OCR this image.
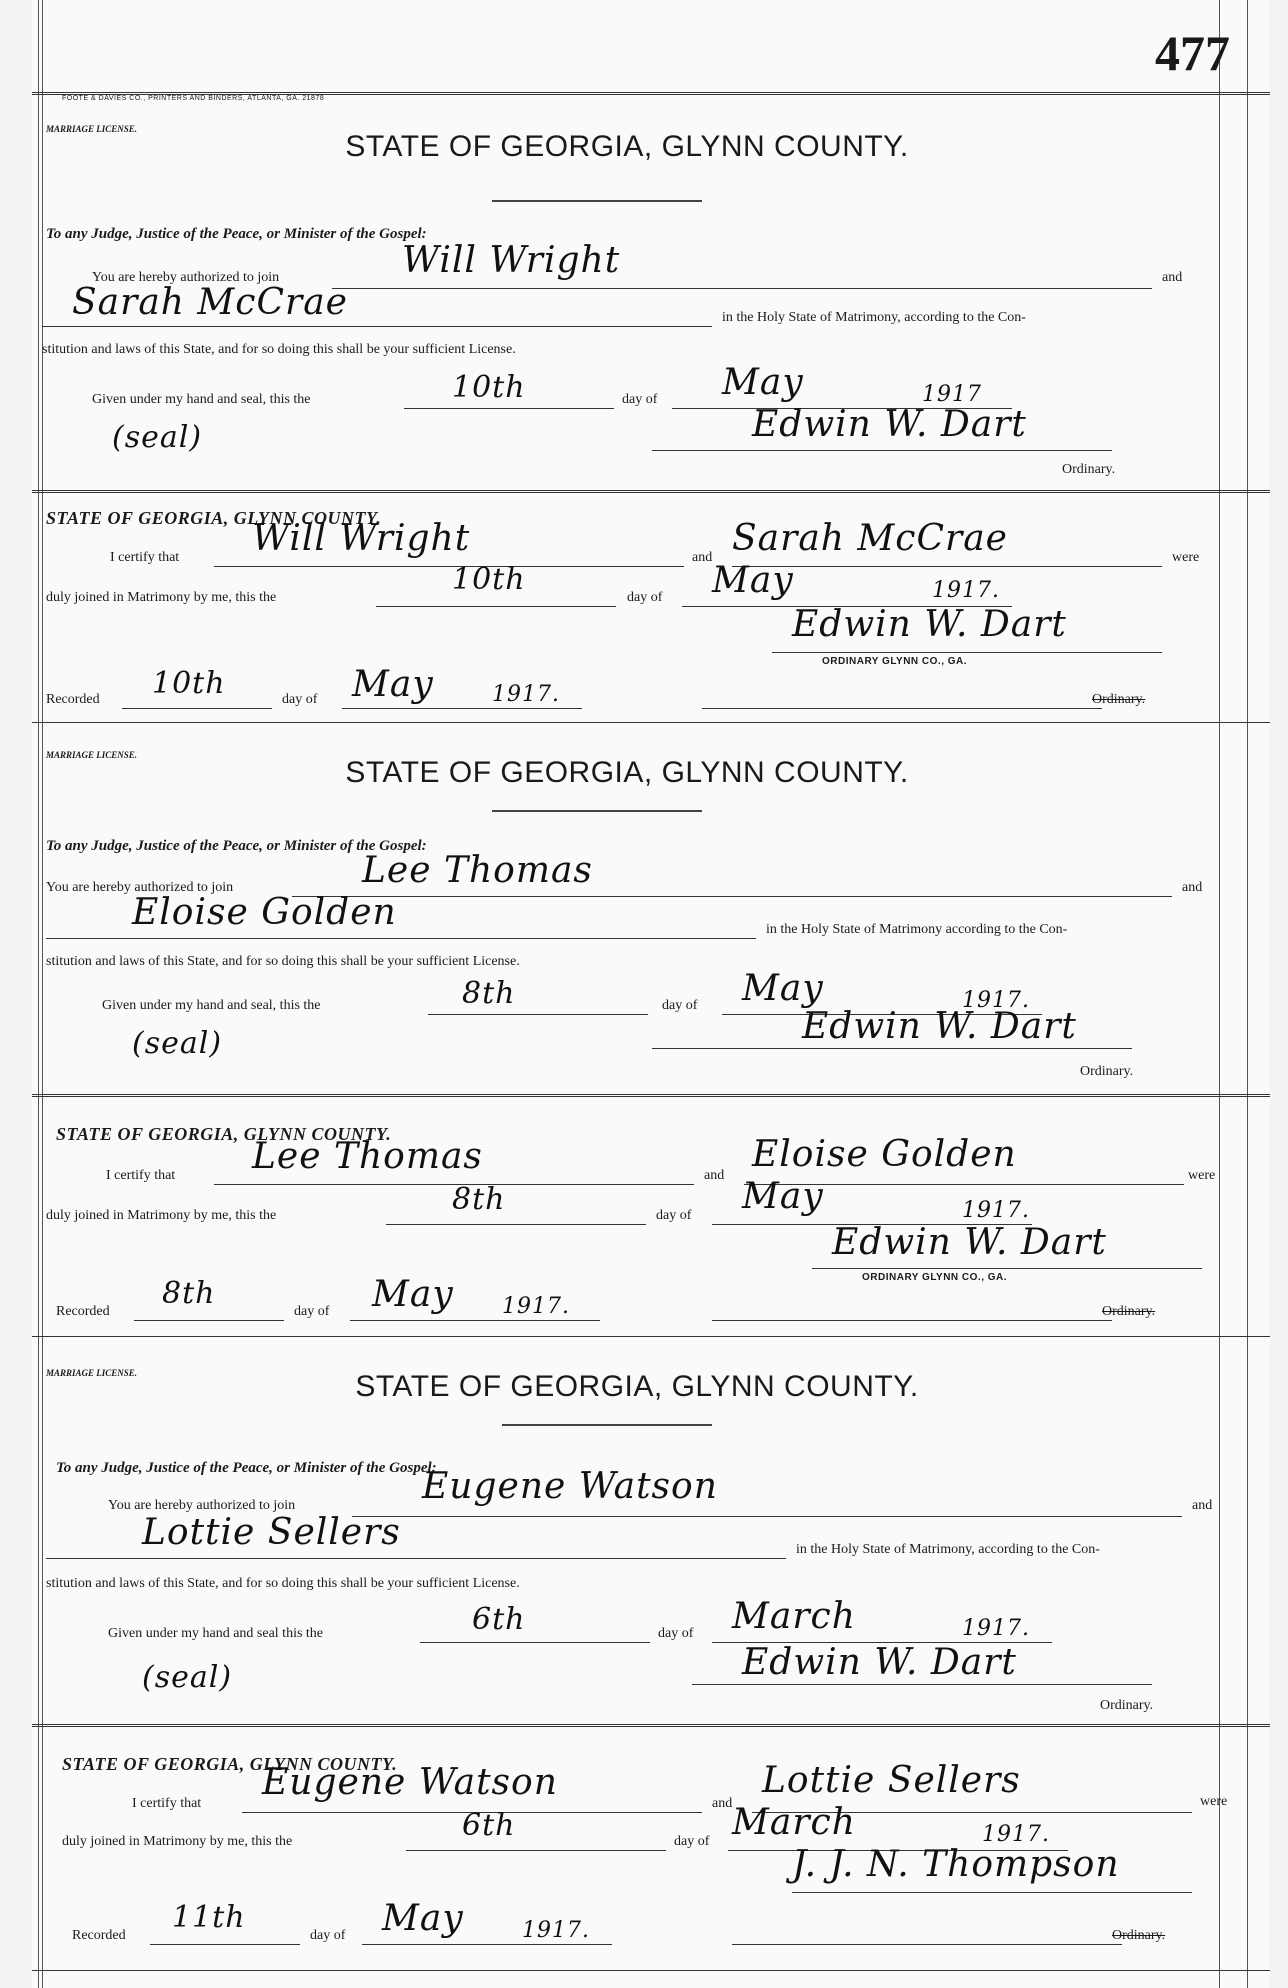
477
FOOTE & DAVIES CO., PRINTERS AND BINDERS, ATLANTA, GA. 21878
MARRIAGE LICENSE.
STATE OF GEORGIA, GLYNN COUNTY.
To any Judge, Justice of the Peace, or Minister of the Gospel:
You are hereby authorized to join	Will Wright	and
Sarah McCrae	in the Holy State of Matrimony, according to the Con-
stitution and laws of this State, and for so doing this shall be your sufficient License.
Given under my hand and seal, this the	10th	day of May	1917
(seal)	Edwin W. Dart
Ordinary.
STATE OF GEORGIA, GLYNN COUNTY.
I certify that Will Wright	and Sarah McCrae	were
duly joined in Matrimony by me, this the
10th
day of May	1917.
Edwin W. Dart
ORDINARY GLYNN CO., GA.
Recorded 10th	day of May	1917.	Ordinary.
MARRIAGE LICENSE.
STATE OF GEORGIA, GLYNN COUNTY.
To any Judge, Justice of the Peace, or Minister of the Gospel:
You are hereby authorized to join	Lee Thomas	and
Eloise Golden	in the Holy State of Matrimony according to the Con-
stitution and laws of this State, and for so doing this shall be your sufficient License.
Given under my hand and seal, this the	8th	day of May	1917.
(seal)	Edwin W. Dart
Ordinary.
STATE OF GEORGIA, GLYNN COUNTY.
I certify that Lee Thomas	and
Eloise Golden
were
duly joined in Matrimony by me, this the	8th	day of May	1917.
Edwin W. Dart
ORDINARY GLYNN CO., GA.
Recorded
8th
day of May 1917.	Ordinary.
MARRIAGE LICENSE.	STATE OF GEORGIA, GLYNN COUNTY.
To any Judge, Justice of the Peace, or Minister of the Gospel:
You are hereby authorized to join	Eugene Watson	and
Lottie Sellers	in the Holy State of Matrimony, according to the Con-
stitution and laws of this State, and for so doing this shall be your sufficient License.
Given under my hand and seal this the	6th	day of March	1917.
(seal)	Edwin W. Dart
Ordinary.
STATE OF GEORGIA, GLYNN COUNTY.
I certify that
Eugene Watson
and
Lottie Sellers
were
duly joined in Matrimony by me, this the	6th	day of March	1917.
J. J. N. Thompson
Recorded
11th
day of May	1917.	Ordinary.
